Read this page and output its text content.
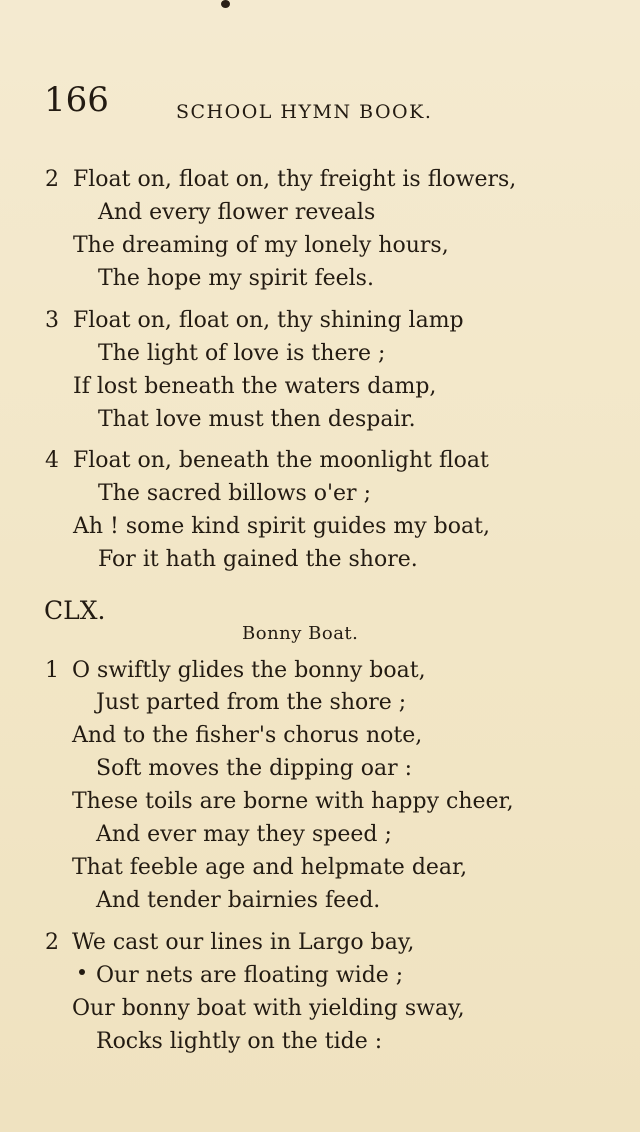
166	SCHOOL HYMN BOOK.
2 Float on, float on, thy freight is flowers,
And every flower reveals
The dreaming of my lonely hours,
The hope my spirit feels.
3 Float on, float on, thy shining lamp
The light of love is there ;
If lost beneath the waters damp,
That love must then despair.
4 Float on, beneath the moonlight float
The sacred billows o'er ;
Ah ! some kind spirit guides my boat,
For it hath gained the shore.
CLX.
Bonny Boat.
1 O swiftly glides the bonny boat,
Just parted from the shore ;
And to the fisher's chorus note,
Soft moves the dipping oar :
These toils are borne with happy cheer,
And ever may they speed ;
That feeble age and helpmate dear,
And tender bairnies feed.
2 We cast our lines in Largo bay,
Our nets are floating wide ;
Our bonny boat with yielding sway,
Rocks lightly on the tide :
